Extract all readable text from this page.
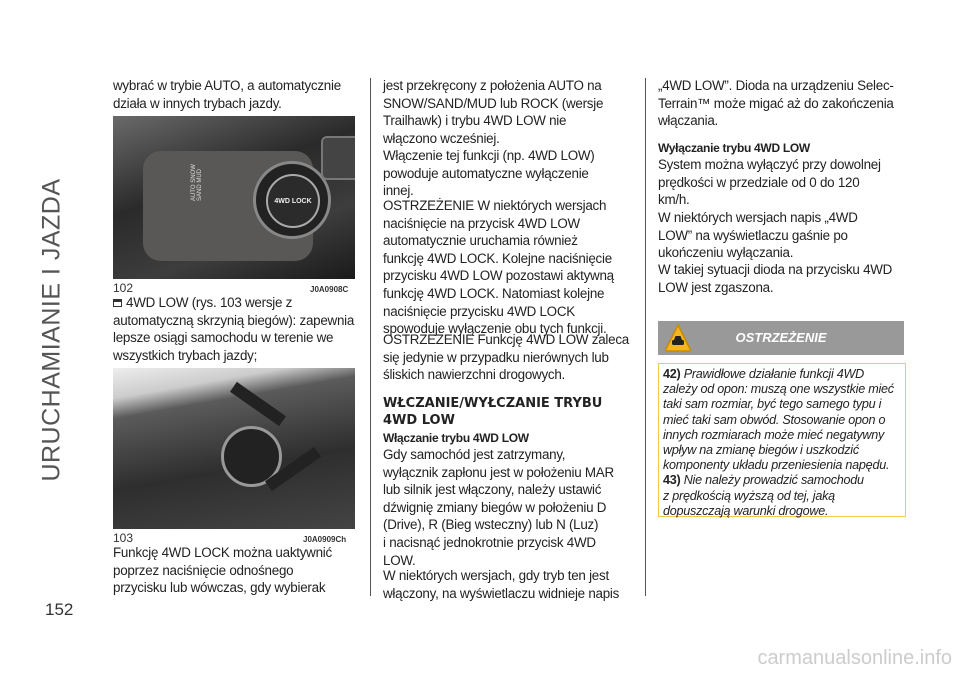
URUCHAMIANIE I JAZDA
152
wybrać w trybie AUTO, a automatycznie
działa w innych trybach jazdy.
AUTO SNOW SAND MUD	4WD LOCK
102	J0A0908C
4WD LOW (rys. 103 wersje z
automatyczną skrzynią biegów): zapewnia
lepsze osiągi samochodu w terenie we
wszystkich trybach jazdy;
103	J0A0909Ch
Funkcję 4WD LOCK można uaktywnić
poprzez naciśnięcie odnośnego
przycisku lub wówczas, gdy wybierak
jest przekręcony z położenia AUTO na
SNOW/SAND/MUD lub ROCK (wersje
Trailhawk) i trybu 4WD LOW nie
włączono wcześniej.
Włączenie tej funkcji (np. 4WD LOW)
powoduje automatyczne wyłączenie
innej.
OSTRZEŻENIE W niektórych wersjach
naciśnięcie na przycisk 4WD LOW
automatycznie uruchamia również
funkcję 4WD LOCK. Kolejne naciśnięcie
przycisku 4WD LOW pozostawi aktywną
funkcję 4WD LOCK. Natomiast kolejne
naciśnięcie przycisku 4WD LOCK
spowoduje wyłączenie obu tych funkcji.
OSTRZEŻENIE Funkcję 4WD LOW zaleca
się jedynie w przypadku nierównych lub
śliskich nawierzchni drogowych.
WŁCZANIE/WYŁCZANIE TRYBU
4WD LOW
Włączanie trybu 4WD LOW
Gdy samochód jest zatrzymany,
wyłącznik zapłonu jest w położeniu MAR
lub silnik jest włączony, należy ustawić
dźwignię zmiany biegów w położeniu D
(Drive), R (Bieg wsteczny) lub N (Luz)
i nacisnąć jednokrotnie przycisk 4WD
LOW.
W niektórych wersjach, gdy tryb ten jest
włączony, na wyświetlaczu widnieje napis
„4WD LOW”. Dioda na urządzeniu Selec-
Terrain™ może migać aż do zakończenia
włączania.
Wyłączanie trybu 4WD LOW
System można wyłączyć przy dowolnej
prędkości w przedziale od 0 do 120
km/h.
W niektórych wersjach napis „4WD
LOW” na wyświetlaczu gaśnie po
ukończeniu wyłączania.
W takiej sytuacji dioda na przycisku 4WD
LOW jest zgaszona.
OSTRZEŻENIE
42) Prawidłowe działanie funkcji 4WD
zależy od opon: muszą one wszystkie mieć
taki sam rozmiar, być tego samego typu i
mieć taki sam obwód. Stosowanie opon o
innych rozmiarach może mieć negatywny
wpływ na zmianę biegów i uszkodzić
komponenty układu przeniesienia napędu.
43) Nie należy prowadzić samochodu
z prędkością wyższą od tej, jaką
dopuszczają warunki drogowe.
carmanualsonline.info
